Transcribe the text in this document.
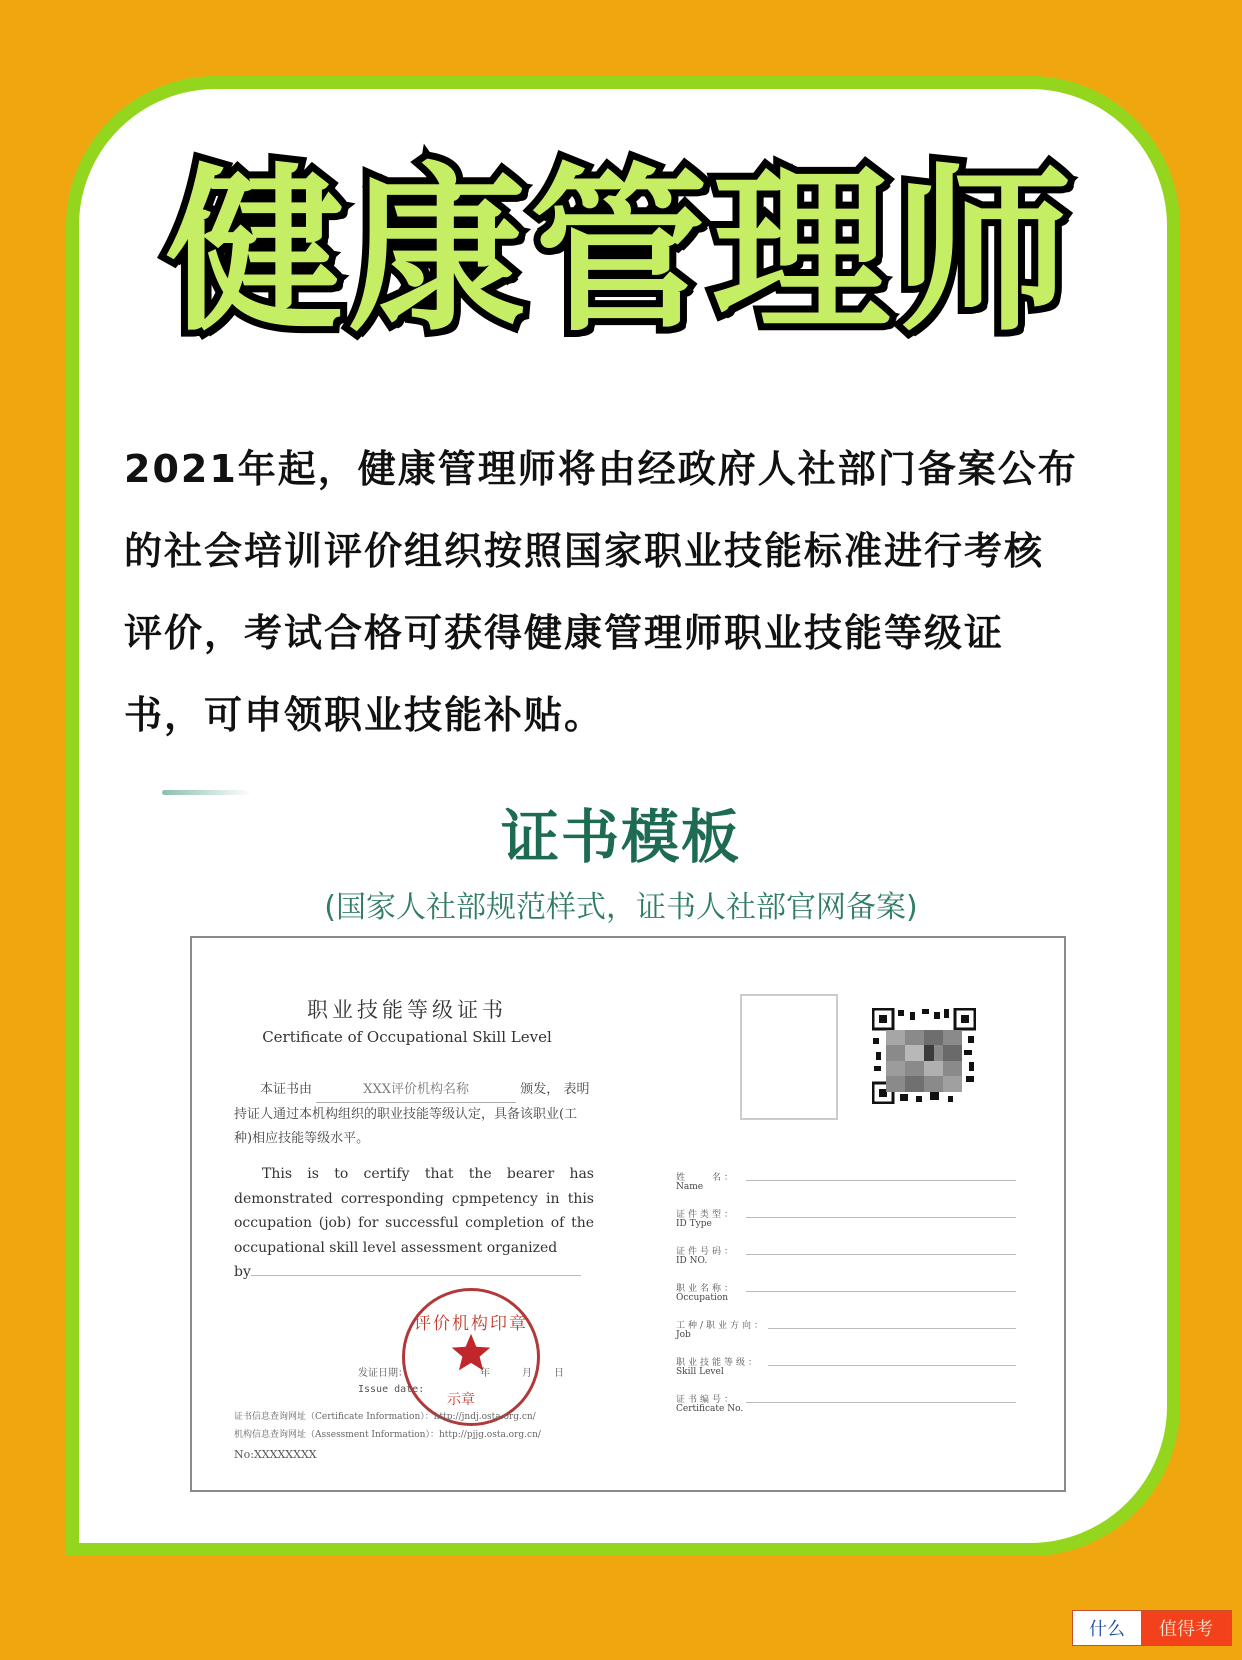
健康管理师
2021年起，健康管理师将由经政府人社部门备案公布
的社会培训评价组织按照国家职业技能标准进行考核
评价，考试合格可获得健康管理师职业技能等级证
书，可申领职业技能补贴。
证书模板
(国家人社部规范样式，证书人社部官网备案)
职业技能等级证书
Certificate of Occupational Skill Level
本证书由	XXX评价机构名称	颁发， 表明持证人通过本机构组织的职业技能等级认定，具备该职业(工种)相应技能等级水平。
This is to certify that the bearer has demonstrated corresponding cpmpetency in this occupation (job) for successful completion of the occupational skill level assessment organized
by
评价机构印章
示章
发证日期：	年	月 日
Issue date:
证书信息查询网址（Certificate Information）：http://jndj.osta.org.cn/
机构信息查询网址（Assessment Information）：http://pjjg.osta.org.cn/
No:XXXXXXXX
姓　　名：
Name
证件类型：
ID Type
证件号码：
ID NO.
职业名称：
Occupation
工种/职业方向：
Job
职业技能等级：
Skill Level
证书编号：
Certificate No.
什么	值得考
